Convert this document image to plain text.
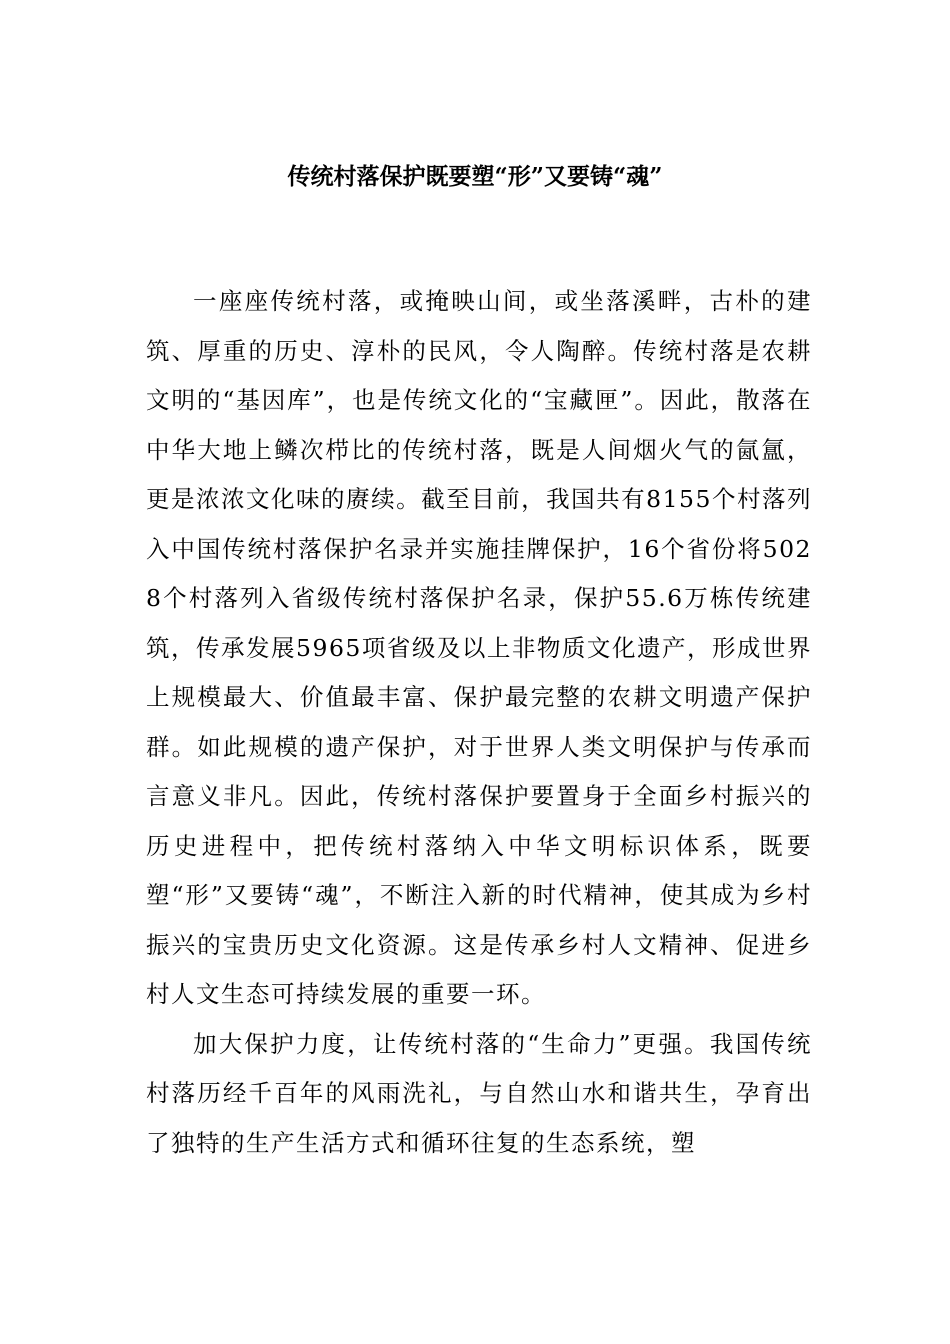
传统村落保护既要塑“形”又要铸“魂”

一座座传统村落，或掩映山间，或坐落溪畔，古朴的建筑、厚重的历史、淳朴的民风，令人陶醉。传统村落是农耕文明的“基因库”，也是传统文化的“宝藏匣”。因此，散落在中华大地上鳞次栉比的传统村落，既是人间烟火气的氤氲，更是浓浓文化味的赓续。截至目前，我国共有8155个村落列入中国传统村落保护名录并实施挂牌保护，16个省份将5028个村落列入省级传统村落保护名录，保护55.6万栋传统建筑，传承发展5965项省级及以上非物质文化遗产，形成世界上规模最大、价值最丰富、保护最完整的农耕文明遗产保护群。如此规模的遗产保护，对于世界人类文明保护与传承而言意义非凡。因此，传统村落保护要置身于全面乡村振兴的历史进程中，把传统村落纳入中华文明标识体系，既要塑“形”又要铸“魂”，不断注入新的时代精神，使其成为乡村振兴的宝贵历史文化资源。这是传承乡村人文精神、促进乡村人文生态可持续发展的重要一环。

加大保护力度，让传统村落的“生命力”更强。我国传统村落历经千百年的风雨洗礼，与自然山水和谐共生，孕育出了独特的生产生活方式和循环往复的生态系统，塑
